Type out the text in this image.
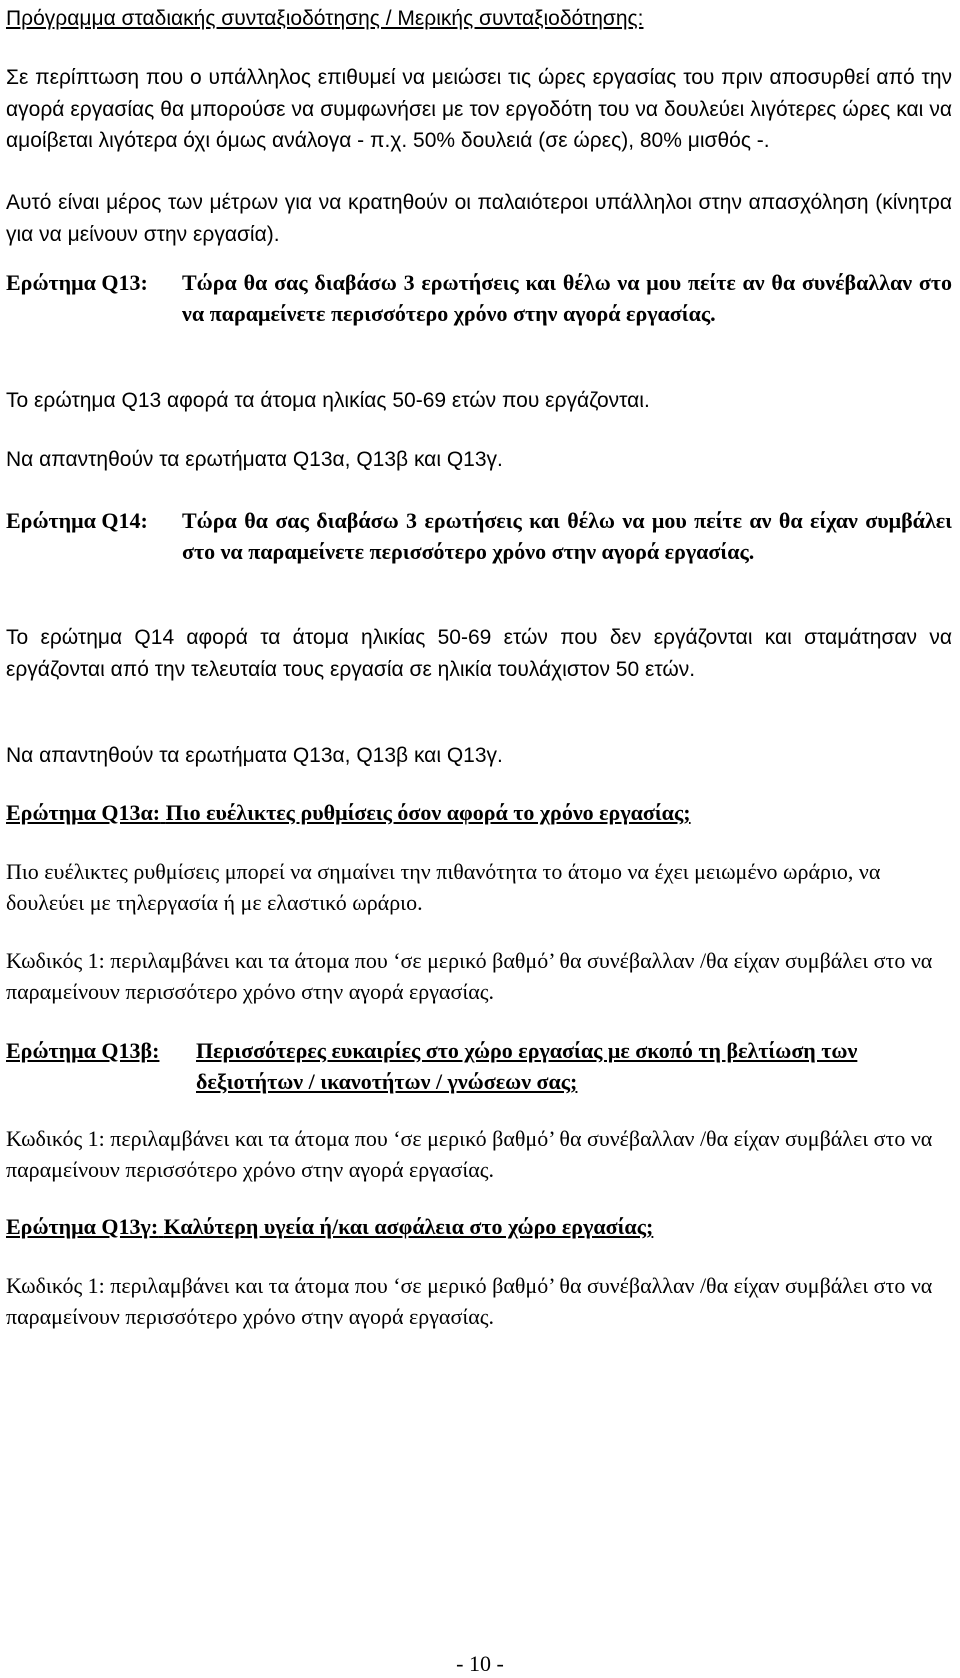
Πρόγραμμα σταδιακής συνταξιοδότησης / Μερικής συνταξιοδότησης:

Σε περίπτωση που ο υπάλληλος επιθυμεί να μειώσει τις ώρες εργασίας του πριν αποσυρθεί από την αγορά εργασίας θα μπορούσε να συμφωνήσει με τον εργοδότη του να δουλεύει λιγότερες ώρες και να αμοίβεται λιγότερα όχι όμως ανάλογα - π.χ. 50% δουλειά (σε ώρες), 80% μισθός -.

Αυτό είναι μέρος των μέτρων για να κρατηθούν οι παλαιότεροι υπάλληλοι στην απασχόληση (κίνητρα για να μείνουν στην εργασία).

Ερώτημα Q13:	Τώρα θα σας διαβάσω 3 ερωτήσεις και θέλω να μου πείτε αν θα συνέβαλλαν στο να παραμείνετε περισσότερο χρόνο στην αγορά εργασίας.

Το ερώτημα Q13 αφορά τα άτομα ηλικίας 50-69 ετών που εργάζονται.

Να απαντηθούν τα ερωτήματα Q13α, Q13β και Q13γ.

Ερώτημα Q14:	Τώρα θα σας διαβάσω 3 ερωτήσεις και θέλω να μου πείτε αν θα είχαν συμβάλει στο να παραμείνετε περισσότερο χρόνο στην αγορά εργασίας.

Το ερώτημα Q14 αφορά τα άτομα ηλικίας 50-69 ετών που δεν εργάζονται και σταμάτησαν να εργάζονται από την τελευταία τους εργασία σε ηλικία τουλάχιστον 50 ετών.

Να απαντηθούν τα ερωτήματα Q13α, Q13β και Q13γ.

Ερώτημα Q13α: Πιο ευέλικτες ρυθμίσεις όσον αφορά το χρόνο εργασίας;

Πιο ευέλικτες ρυθμίσεις μπορεί να σημαίνει την πιθανότητα το άτομο να έχει μειωμένο ωράριο, να δουλεύει με τηλεργασία ή με ελαστικό ωράριο.

Κωδικός 1: περιλαμβάνει και τα άτομα που ‘σε μερικό βαθμό’ θα συνέβαλλαν /θα είχαν συμβάλει στο να παραμείνουν περισσότερο χρόνο στην αγορά εργασίας.

Ερώτημα Q13β:	Περισσότερες ευκαιρίες στο χώρο εργασίας με σκοπό τη βελτίωση των δεξιοτήτων / ικανοτήτων / γνώσεων σας;

Κωδικός 1: περιλαμβάνει και τα άτομα που ‘σε μερικό βαθμό’ θα συνέβαλλαν /θα είχαν συμβάλει στο να παραμείνουν περισσότερο χρόνο στην αγορά εργασίας.

Ερώτημα Q13γ: Καλύτερη υγεία ή/και ασφάλεια στο χώρο εργασίας;

Κωδικός 1: περιλαμβάνει και τα άτομα που ‘σε μερικό βαθμό’ θα συνέβαλλαν /θα είχαν συμβάλει στο να παραμείνουν περισσότερο χρόνο στην αγορά εργασίας.

- 10 -
